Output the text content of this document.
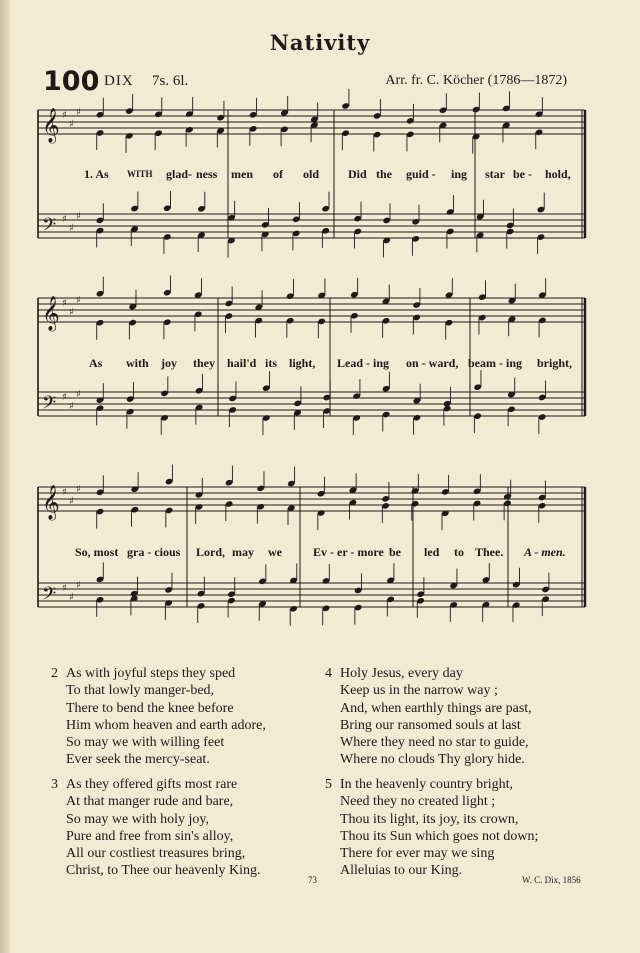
Nativity
100 DIX 7s. 6l.	Arr. fr. C. Köcher (1786—1872)
𝄞 ♯
♯
♯
𝄢 ♯
♯
♯
𝄞 ♯
♯
♯
𝄢 ♯
♯
♯
𝄞 ♯
♯
♯
𝄢 ♯
♯
♯
1. As WITH glad- ness men of old Did the guid - ing star be - hold,
As with joy they hail'd its light, Lead - ing on - ward, beam - ing bright,
So, most gra - cious Lord, may we	Ev - er - more be led to Thee. A - men.
2 As with joyful steps they sped
To that lowly manger-bed,
There to bend the knee before
Him whom heaven and earth adore,
So may we with willing feet
Ever seek the mercy-seat.
3 As they offered gifts most rare
At that manger rude and bare,
So may we with holy joy,
Pure and free from sin's alloy,
All our costliest treasures bring,
Christ, to Thee our heavenly King.
4 Holy Jesus, every day
Keep us in the narrow way ;
And, when earthly things are past,
Bring our ransomed souls at last
Where they need no star to guide,
Where no clouds Thy glory hide.
5 In the heavenly country bright,
Need they no created light ;
Thou its light, its joy, its crown,
Thou its Sun which goes not down;
There for ever may we sing
Alleluias to our King.
73	W. C. Dix, 1856
